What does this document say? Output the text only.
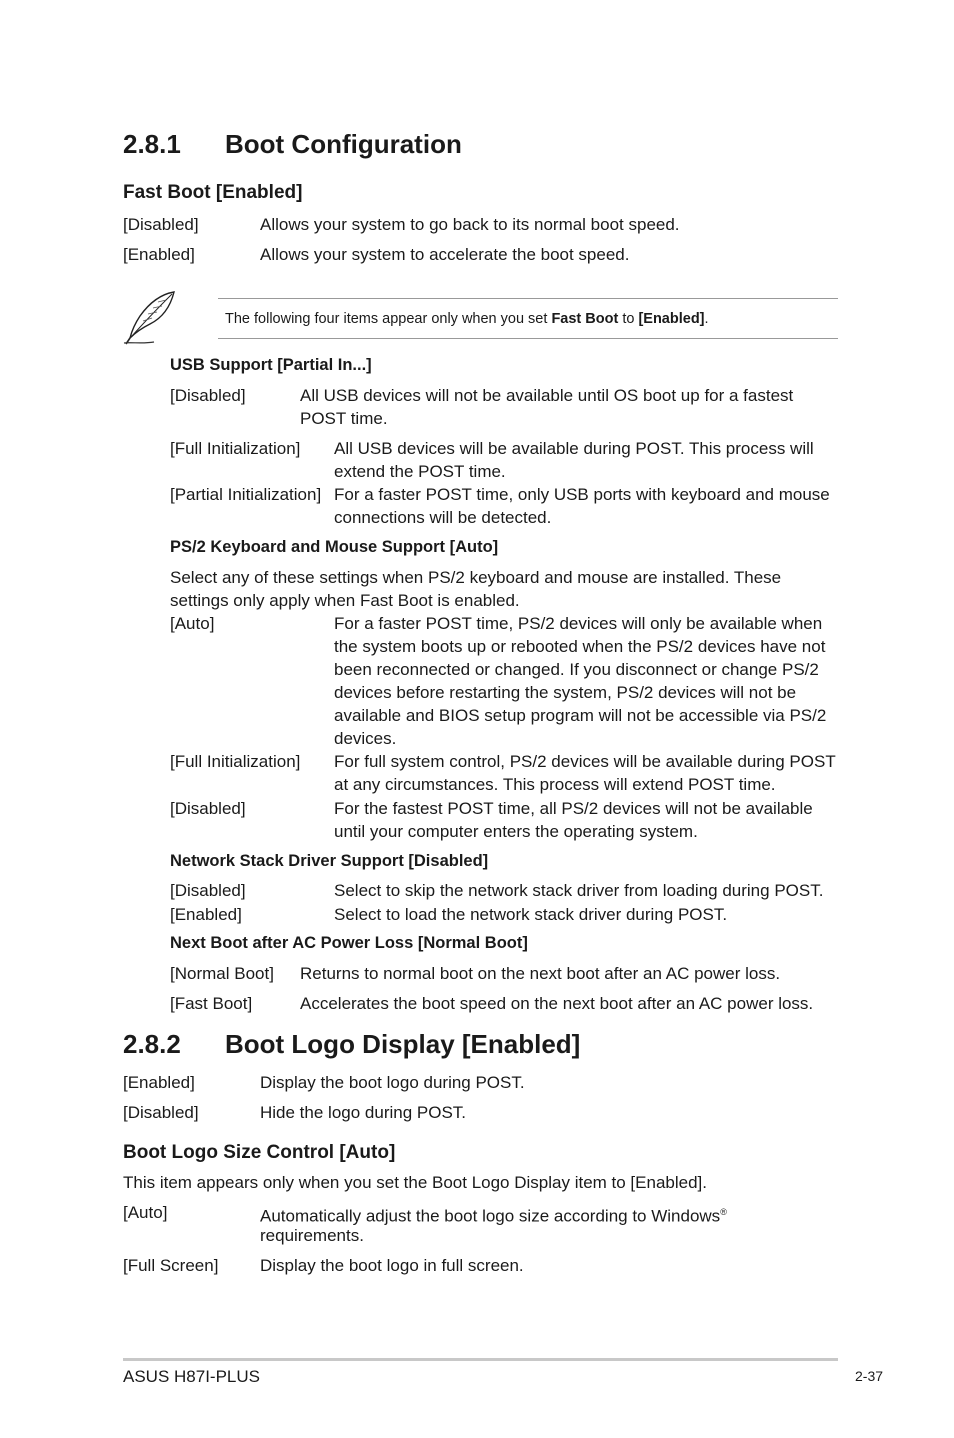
2.8.1 Boot Configuration
Fast Boot [Enabled]
[Disabled]	Allows your system to go back to its normal boot speed.
[Enabled]	Allows your system to accelerate the boot speed.
The following four items appear only when you set Fast Boot to [Enabled].
USB Support [Partial In...]
[Disabled]	All USB devices will not be available until OS boot up for a fastest POST time.
[Full Initialization] All USB devices will be available during POST. This process will extend the POST time.
[Partial Initialization] For a faster POST time, only USB ports with keyboard and mouse connections will be detected.
PS/2 Keyboard and Mouse Support [Auto]
Select any of these settings when PS/2 keyboard and mouse are installed. These settings only apply when Fast Boot is enabled.
[Auto]	For a faster POST time, PS/2 devices will only be available when the system boots up or rebooted when the PS/2 devices have not been reconnected or changed. If you disconnect or change PS/2 devices before restarting the system, PS/2 devices will not be available and BIOS setup program will not be accessible via PS/2 devices.
[Full Initialization] For full system control, PS/2 devices will be available during POST at any circumstances. This process will extend POST time.
[Disabled]	For the fastest POST time, all PS/2 devices will not be available until your computer enters the operating system.
Network Stack Driver Support [Disabled]
[Disabled]	Select to skip the network stack driver from loading during POST.
[Enabled]	Select to load the network stack driver during POST.
Next Boot after AC Power Loss [Normal Boot]
[Normal Boot] Returns to normal boot on the next boot after an AC power loss.
[Fast Boot]	Accelerates the boot speed on the next boot after an AC power loss.
2.8.2 Boot Logo Display [Enabled]
[Enabled]	Display the boot logo during POST.
[Disabled]	Hide the logo during POST.
Boot Logo Size Control [Auto]
This item appears only when you set the Boot Logo Display item to [Enabled].
[Auto]	Automatically adjust the boot logo size according to Windows®
requirements.
[Full Screen] Display the boot logo in full screen.
ASUS H87I-PLUS	2-37
